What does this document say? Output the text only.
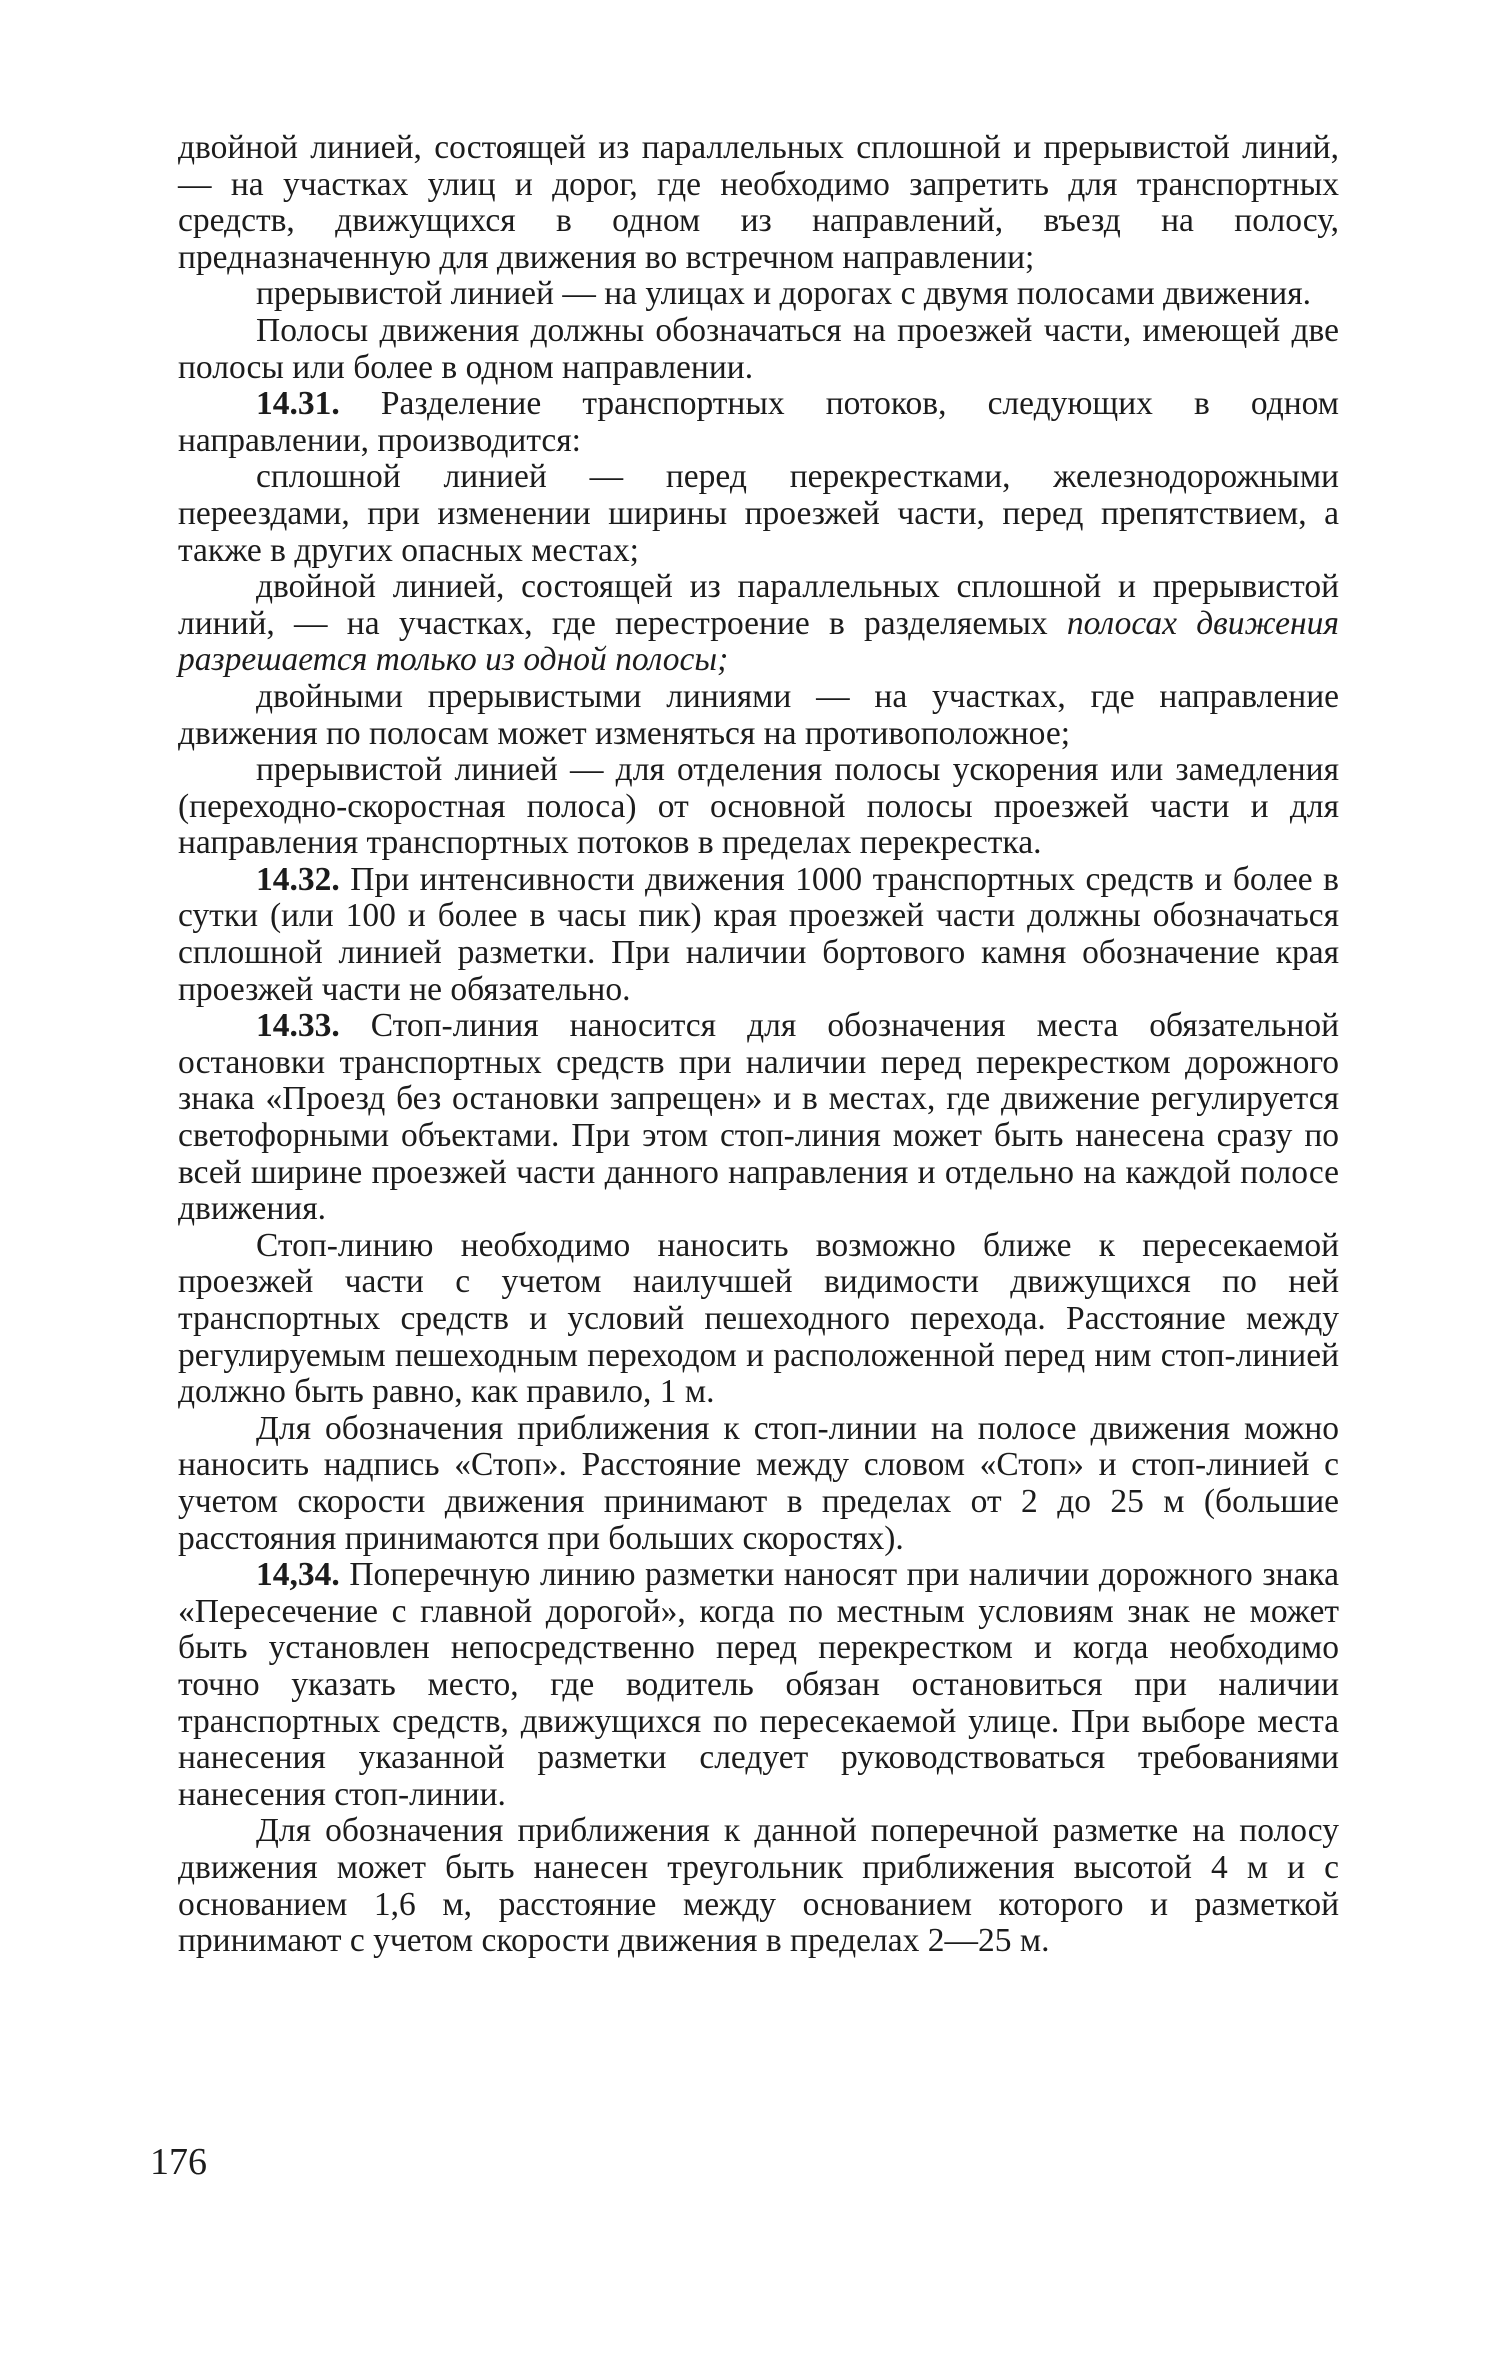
двойной линией, состоящей из параллельных сплошной и прерывистой линий, — на участках улиц и дорог, где необходимо запретить для транспортных средств, движущихся в одном из направлений, въезд на полосу, предназначенную для движения во встречном направлении;

прерывистой линией — на улицах и дорогах с двумя полосами движения.

Полосы движения должны обозначаться на проезжей части, имеющей две полосы или более в одном направлении.

14.31. Разделение транспортных потоков, следующих в одном направлении, производится:

сплошной линией — перед перекрестками, железнодорожными переездами, при изменении ширины проезжей части, перед препятствием, а также в других опасных местах;

двойной линией, состоящей из параллельных сплошной и прерывистой линий, — на участках, где перестроение в разделяемых полосах движения разрешается только из одной полосы;

двойными прерывистыми линиями — на участках, где направление движения по полосам может изменяться на противоположное;

прерывистой линией — для отделения полосы ускорения или замедления (переходно-скоростная полоса) от основной полосы проезжей части и для направления транспортных потоков в пределах перекрестка.

14.32. При интенсивности движения 1000 транспортных средств и более в сутки (или 100 и более в часы пик) края проезжей части должны обозначаться сплошной линией разметки. При наличии бортового камня обозначение края проезжей части не обязательно.

14.33. Стоп-линия наносится для обозначения места обязательной остановки транспортных средств при наличии перед перекрестком дорожного знака «Проезд без остановки запрещен» и в местах, где движение регулируется светофорными объектами. При этом стоп-линия может быть нанесена сразу по всей ширине проезжей части данного направления и отдельно на каждой полосе движения.

Стоп-линию необходимо наносить возможно ближе к пересекаемой проезжей части с учетом наилучшей видимости движущихся по ней транспортных средств и условий пешеходного перехода. Расстояние между регулируемым пешеходным переходом и расположенной перед ним стоп-линией должно быть равно, как правило, 1 м.

Для обозначения приближения к стоп-линии на полосе движения можно наносить надпись «Стоп». Расстояние между словом «Стоп» и стоп-линией с учетом скорости движения принимают в пределах от 2 до 25 м (большие расстояния принимаются при больших скоростях).

14,34. Поперечную линию разметки наносят при наличии дорожного знака «Пересечение с главной дорогой», когда по местным условиям знак не может быть установлен непосредственно перед перекрестком и когда необходимо точно указать место, где водитель обязан остановиться при наличии транспортных средств, движущихся по пересекаемой улице. При выборе места нанесения указанной разметки следует руководствоваться требованиями нанесения стоп-линии.

Для обозначения приближения к данной поперечной разметке на полосу движения может быть нанесен треугольник приближения высотой 4 м и с основанием 1,6 м, расстояние между основанием которого и разметкой принимают с учетом скорости движения в пределах 2—25 м.

176
